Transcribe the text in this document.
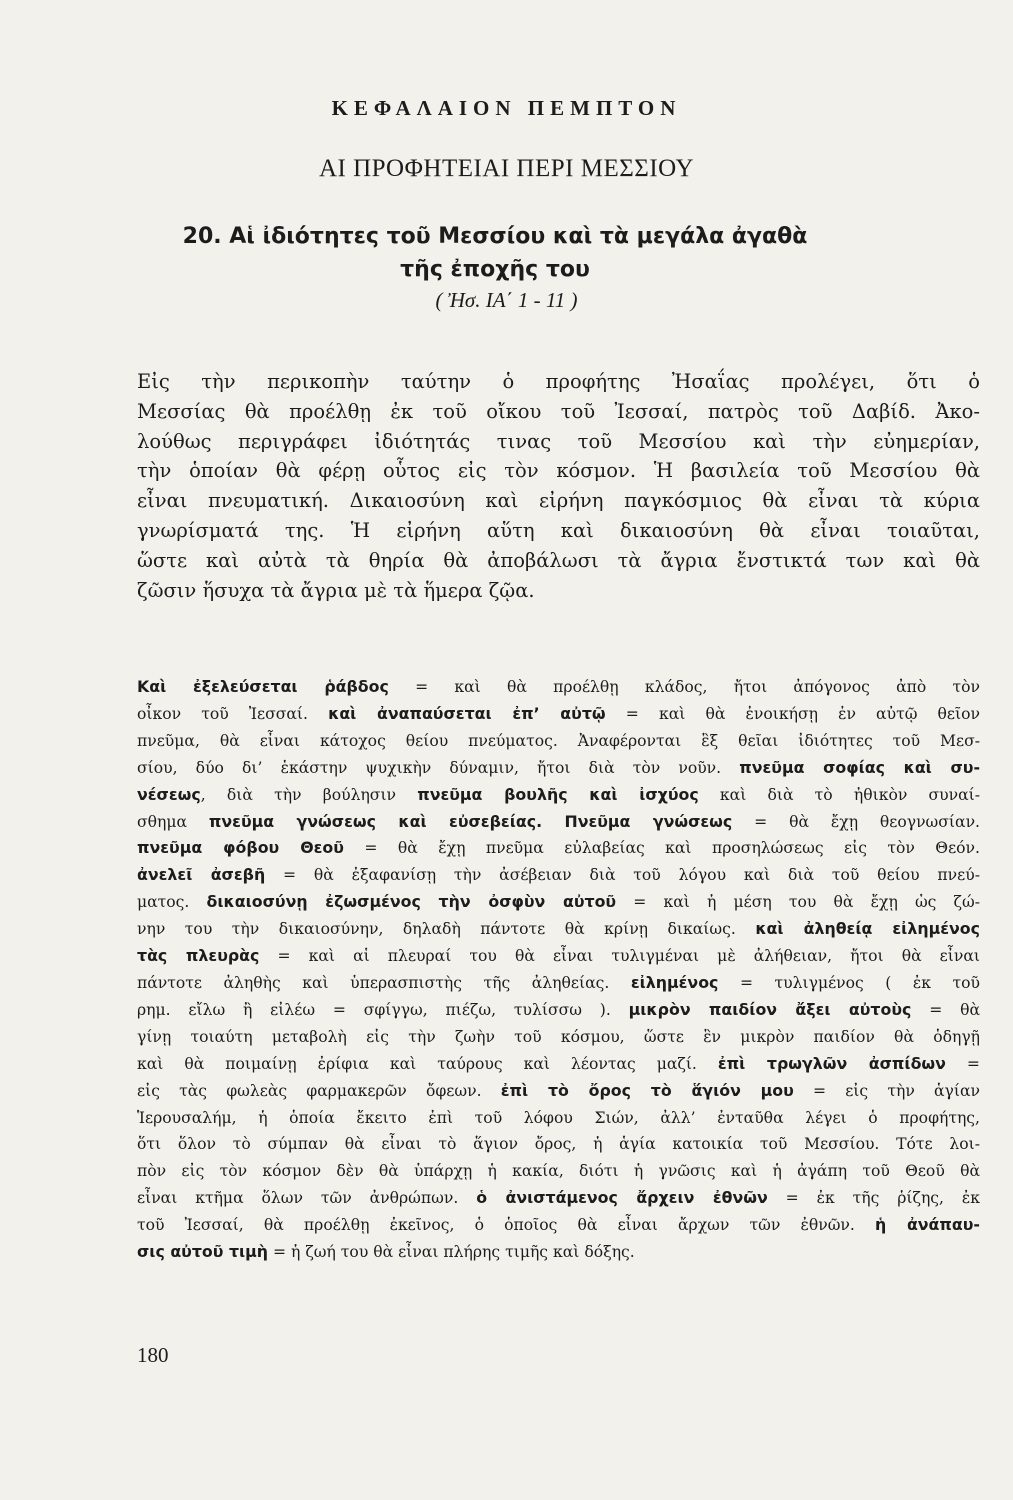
ΚΕΦΑΛΑΙΟΝ ΠΕΜΠΤΟΝ
ΑΙ ΠΡΟΦΗΤΕΙΑΙ ΠΕΡΙ ΜΕΣΣΙΟΥ
20. Αἱ ἰδιότητες τοῦ Μεσσίου καὶ τὰ μεγάλα ἀγαθὰ
τῆς ἐποχῆς του
( Ἠσ. ΙΑ΄ 1 - 11 )
Εἰς τὴν περικοπὴν ταύτην ὁ προφήτης Ἠσαΐας προλέγει, ὅτι ὁ
Μεσσίας θὰ προέλθῃ ἐκ τοῦ οἴκου τοῦ Ἰεσσαί, πατρὸς τοῦ Δαβίδ. Ἀκο-
λούθως περιγράφει ἰδιότητάς τινας τοῦ Μεσσίου καὶ τὴν εὐημερίαν,
τὴν ὁποίαν θὰ φέρῃ οὗτος εἰς τὸν κόσμον. Ἡ βασιλεία τοῦ Μεσσίου θὰ
εἶναι πνευματική. Δικαιοσύνη καὶ εἰρήνη παγκόσμιος θὰ εἶναι τὰ κύρια
γνωρίσματά της. Ἡ εἰρήνη αὕτη καὶ δικαιοσύνη θὰ εἶναι τοιαῦται,
ὥστε καὶ αὐτὰ τὰ θηρία θὰ ἀποβάλωσι τὰ ἄγρια ἔνστικτά των καὶ θὰ
ζῶσιν ἥσυχα τὰ ἄγρια μὲ τὰ ἥμερα ζῷα.
Καὶ ἐξελεύσεται ῥάβδος = καὶ θὰ προέλθῃ κλάδος, ἤτοι ἀπόγονος ἀπὸ τὸν
οἶκον τοῦ Ἰεσσαί. καὶ ἀναπαύσεται ἐπ’ αὐτῷ = καὶ θὰ ἐνοικήσῃ ἐν αὐτῷ θεῖον
πνεῦμα, θὰ εἶναι κάτοχος θείου πνεύματος. Ἀναφέρονται ἓξ θεῖαι ἰδιότητες τοῦ Μεσ-
σίου, δύο δι’ ἑκάστην ψυχικὴν δύναμιν, ἤτοι διὰ τὸν νοῦν. πνεῦμα σοφίας καὶ συ-
νέσεως, διὰ τὴν βούλησιν πνεῦμα βουλῆς καὶ ἰσχύος καὶ διὰ τὸ ἠθικὸν συναί-
σθημα πνεῦμα γνώσεως καὶ εὐσεβείας. Πνεῦμα γνώσεως = θὰ ἔχῃ θεογνωσίαν.
πνεῦμα φόβου Θεοῦ = θὰ ἔχῃ πνεῦμα εὐλαβείας καὶ προσηλώσεως εἰς τὸν Θεόν.
ἀνελεῖ ἀσεβῆ = θὰ ἐξαφανίσῃ τὴν ἀσέβειαν διὰ τοῦ λόγου καὶ διὰ τοῦ θείου πνεύ-
ματος. δικαιοσύνῃ ἐζωσμένος τὴν ὀσφὺν αὐτοῦ = καὶ ἡ μέση του θὰ ἔχῃ ὡς ζώ-
νην του τὴν δικαιοσύνην, δηλαδὴ πάντοτε θὰ κρίνῃ δικαίως. καὶ ἀληθείᾳ εἰλημένος
τὰς πλευρὰς = καὶ αἱ πλευραί του θὰ εἶναι τυλιγμέναι μὲ ἀλήθειαν, ἤτοι θὰ εἶναι
πάντοτε ἀληθὴς καὶ ὑπερασπιστὴς τῆς ἀληθείας. εἰλημένος = τυλιγμένος ( ἐκ τοῦ
ρημ. εἴλω ἢ εἰλέω = σφίγγω, πιέζω, τυλίσσω ). μικρὸν παιδίον ἄξει αὐτοὺς = θὰ
γίνῃ τοιαύτη μεταβολὴ εἰς τὴν ζωὴν τοῦ κόσμου, ὥστε ἓν μικρὸν παιδίον θὰ ὁδηγῇ
καὶ θὰ ποιμαίνῃ ἐρίφια καὶ ταύρους καὶ λέοντας μαζί. ἐπὶ τρωγλῶν ἀσπίδων =
εἰς τὰς φωλεὰς φαρμακερῶν ὄφεων. ἐπὶ τὸ ὄρος τὸ ἅγιόν μου = εἰς τὴν ἁγίαν
Ἱερουσαλήμ, ἡ ὁποία ἔκειτο ἐπὶ τοῦ λόφου Σιών, ἀλλ’ ἐνταῦθα λέγει ὁ προφήτης,
ὅτι ὅλον τὸ σύμπαν θὰ εἶναι τὸ ἅγιον ὄρος, ἡ ἁγία κατοικία τοῦ Μεσσίου. Τότε λοι-
πὸν εἰς τὸν κόσμον δὲν θὰ ὑπάρχῃ ἡ κακία, διότι ἡ γνῶσις καὶ ἡ ἀγάπη τοῦ Θεοῦ θὰ
εἶναι κτῆμα ὅλων τῶν ἀνθρώπων. ὁ ἀνιστάμενος ἄρχειν ἐθνῶν = ἐκ τῆς ῥίζης, ἐκ
τοῦ Ἰεσσαί, θὰ προέλθῃ ἐκεῖνος, ὁ ὁποῖος θὰ εἶναι ἄρχων τῶν ἐθνῶν. ἡ ἀνάπαυ-
σις αὐτοῦ τιμὴ = ἡ ζωή του θὰ εἶναι πλήρης τιμῆς καὶ δόξης.
180
